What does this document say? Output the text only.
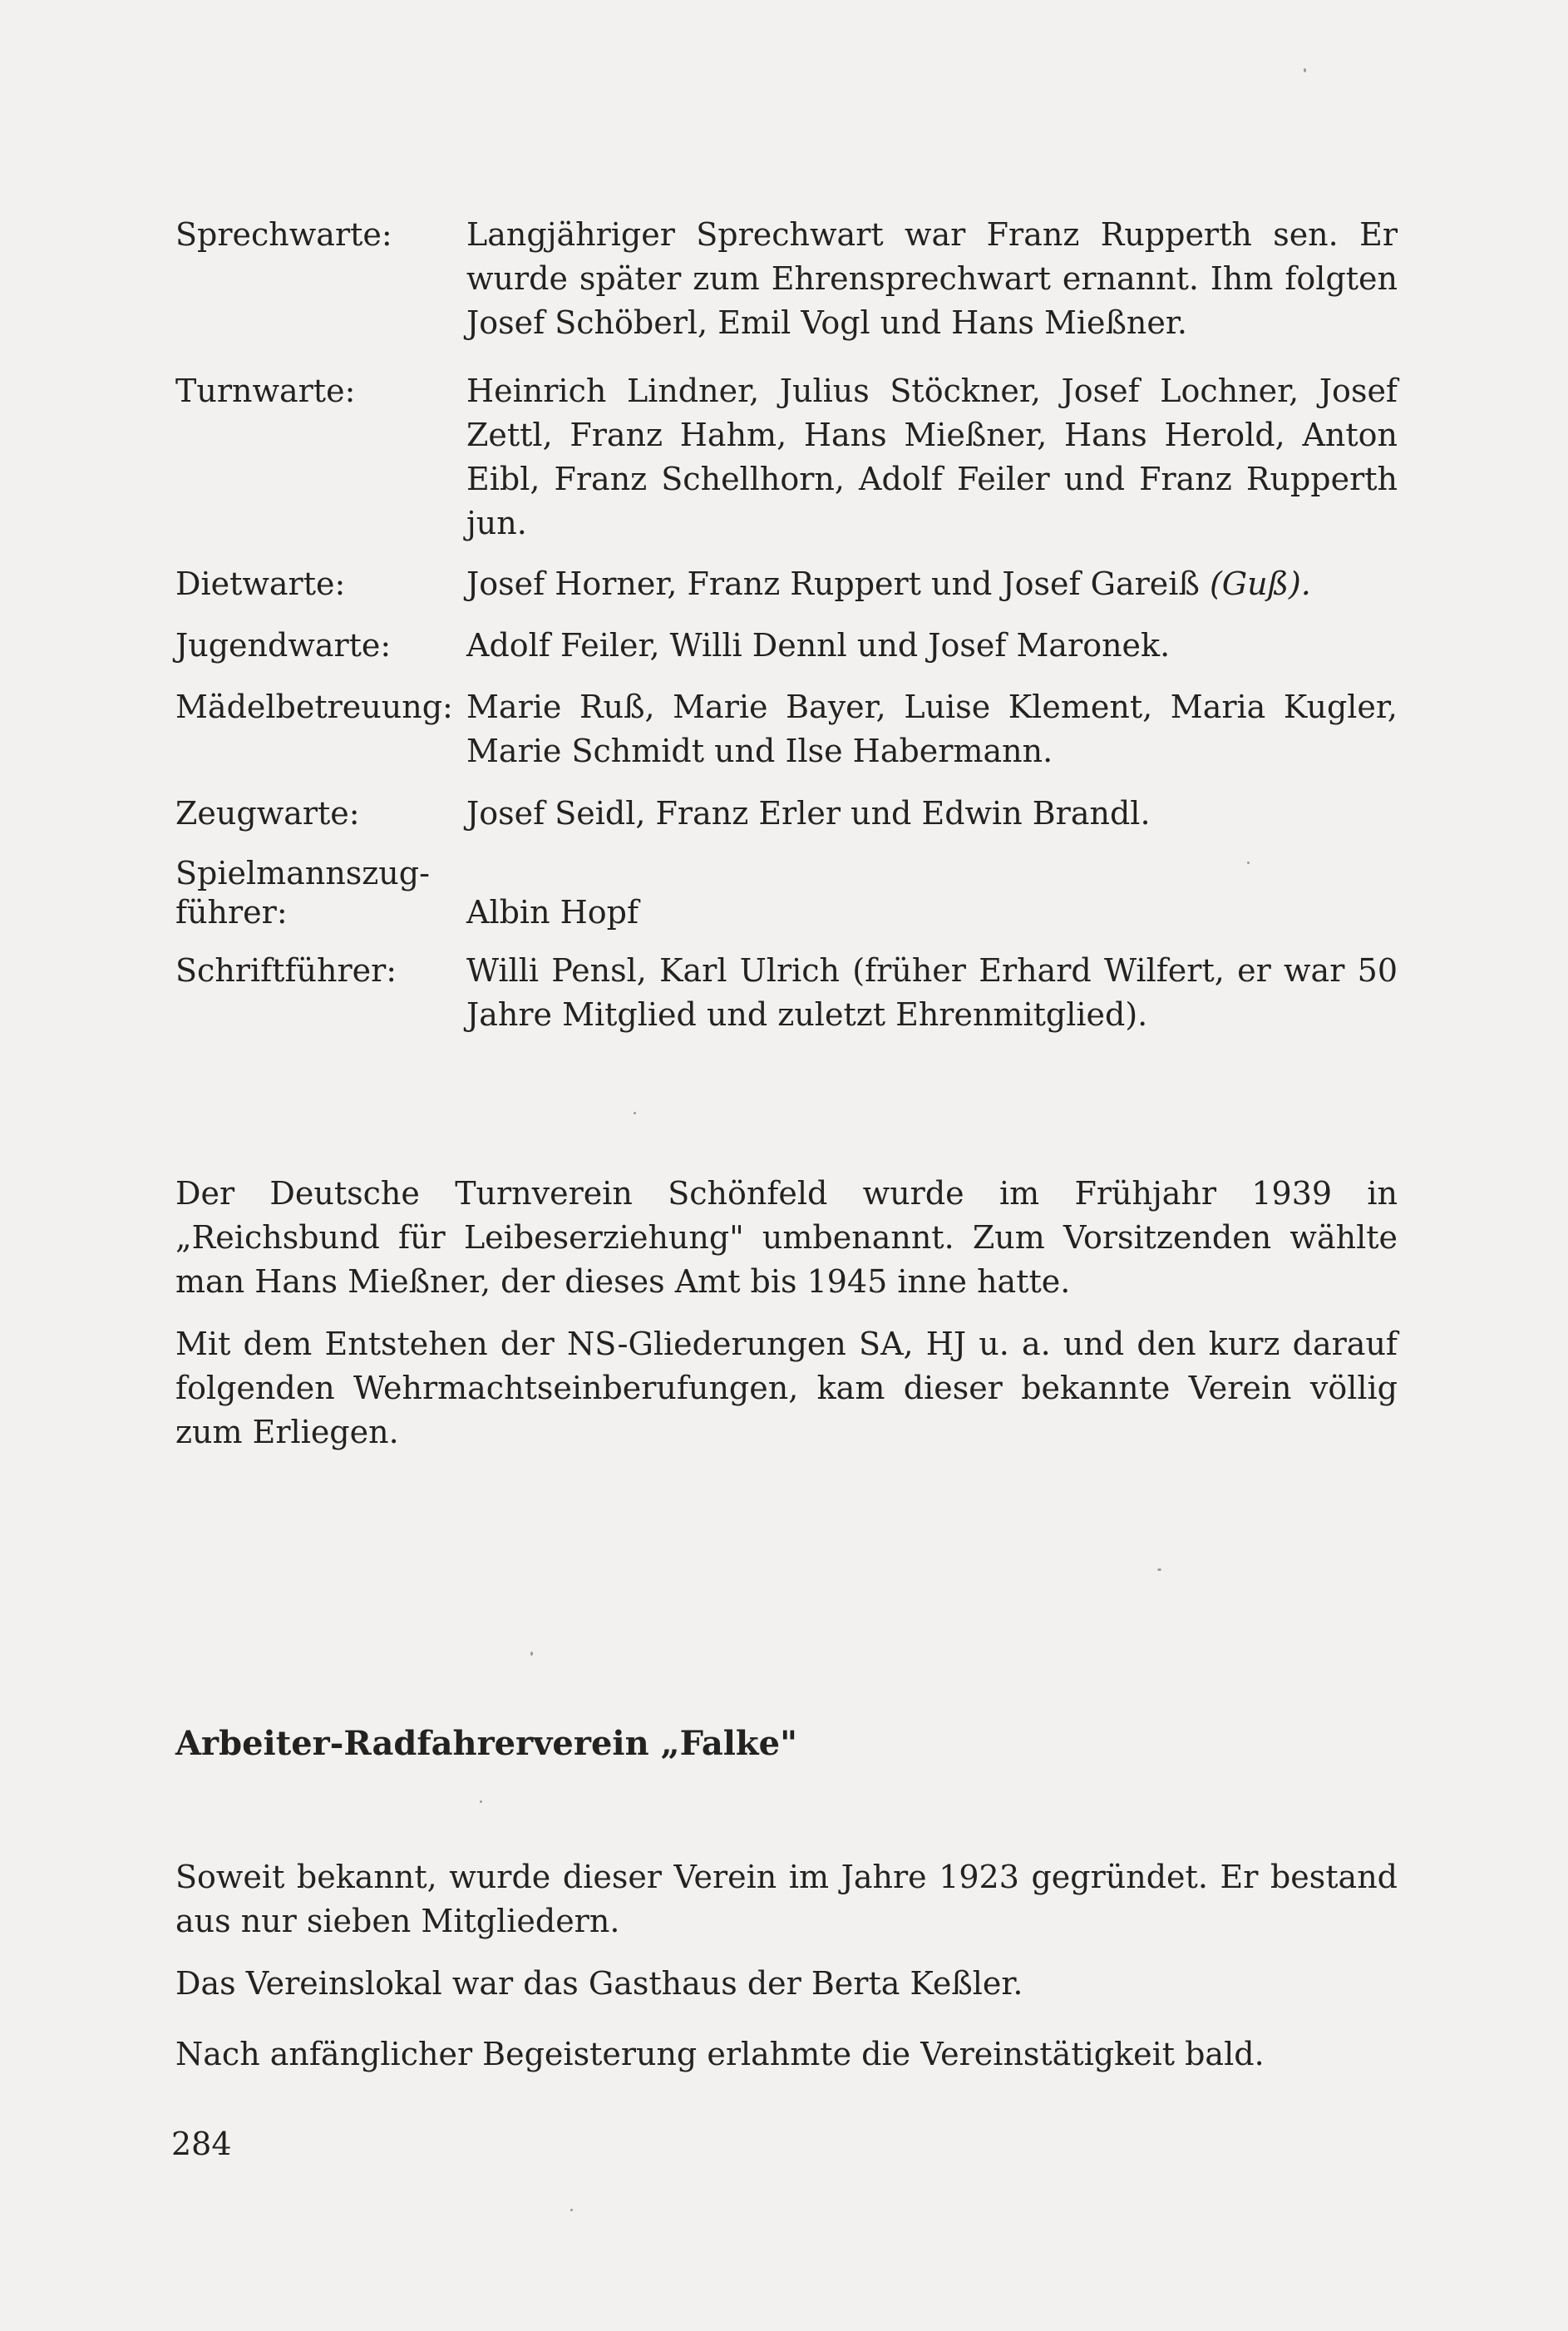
Sprechwarte:	Langjähriger Sprechwart war Franz Rupperth sen. Er wurde später zum Ehrensprechwart ernannt. Ihm folgten Josef Schöberl, Emil Vogl und Hans Mießner.
Turnwarte:	Heinrich Lindner, Julius Stöckner, Josef Lochner, Josef Zettl, Franz Hahm, Hans Mießner, Hans Herold, Anton Eibl, Franz Schellhorn, Adolf Feiler und Franz Rupperth jun.
Dietwarte:	Josef Horner, Franz Ruppert und Josef Gareiß (Guß).
Jugendwarte:	Adolf Feiler, Willi Dennl und Josef Maronek.
Mädelbetreuung: Marie Ruß, Marie Bayer, Luise Klement, Maria Kugler, Marie Schmidt und Ilse Habermann.
Zeugwarte:	Josef Seidl, Franz Erler und Edwin Brandl.
Spielmannszug-
führer:	Albin Hopf
Schriftführer:	Willi Pensl, Karl Ulrich (früher Erhard Wilfert, er war 50 Jahre Mitglied und zuletzt Ehrenmitglied).

Der Deutsche Turnverein Schönfeld wurde im Frühjahr 1939 in „Reichsbund für Leibeserziehung" umbenannt. Zum Vorsitzenden wählte man Hans Mießner, der dieses Amt bis 1945 inne hatte.

Mit dem Entstehen der NS-Gliederungen SA, HJ u. a. und den kurz darauf folgenden Wehrmachtseinberufungen, kam dieser bekannte Verein völlig zum Erliegen.

Arbeiter-Radfahrerverein „Falke"

Soweit bekannt, wurde dieser Verein im Jahre 1923 gegründet. Er bestand aus nur sieben Mitgliedern.

Das Vereinslokal war das Gasthaus der Berta Keßler.

Nach anfänglicher Begeisterung erlahmte die Vereinstätigkeit bald.

284
